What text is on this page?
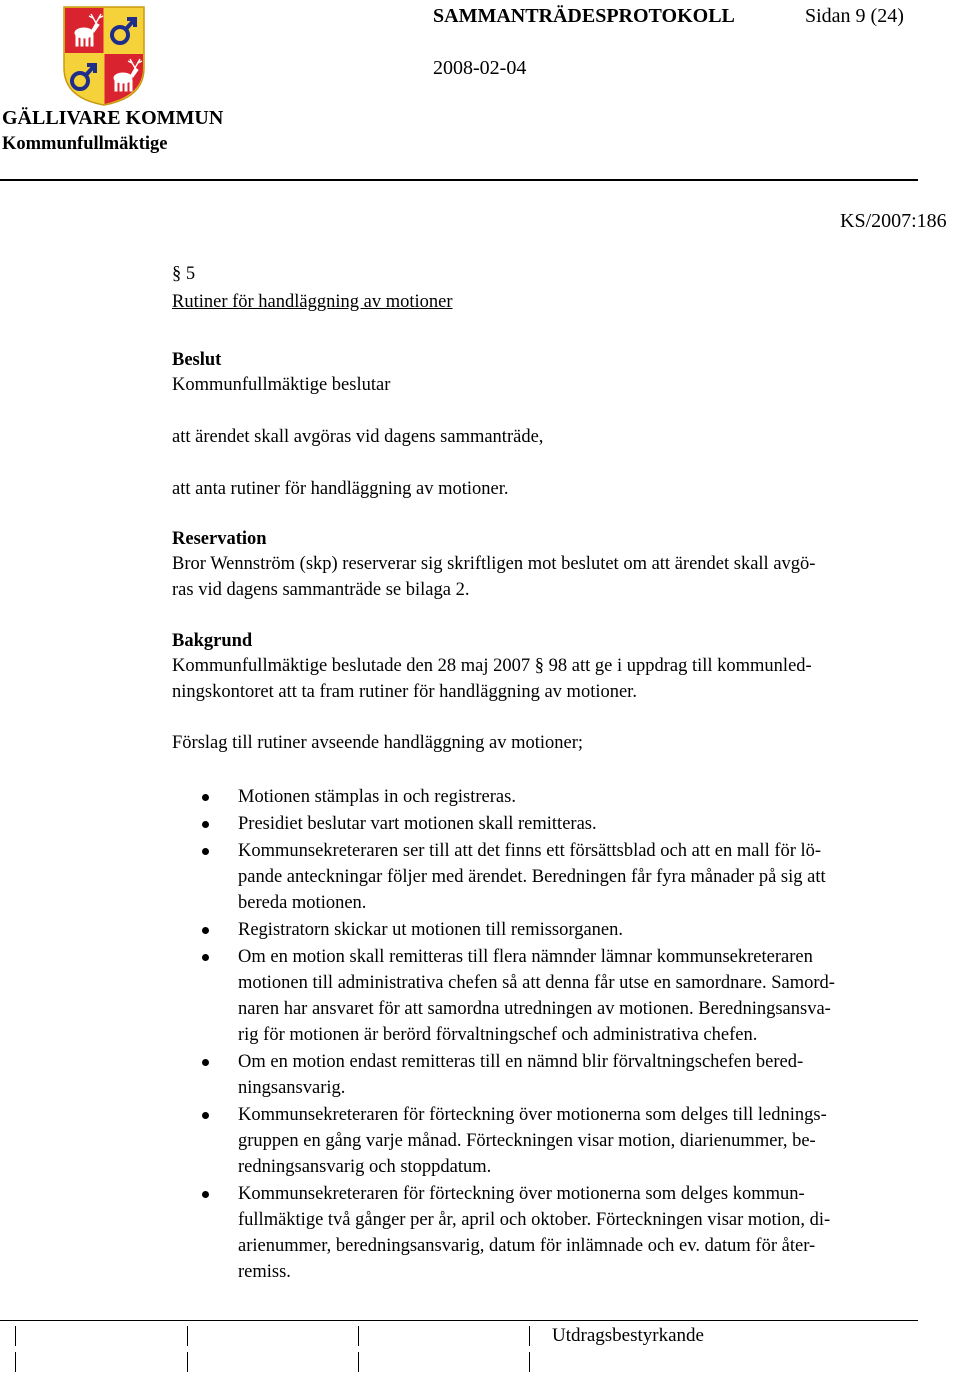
SAMMANTRÄDESPROTOKOLL	Sidan 9 (24)
2008-02-04
GÄLLIVARE KOMMUN
Kommunfullmäktige
KS/2007:186
§ 5
Rutiner för handläggning av motioner
Beslut
Kommunfullmäktige beslutar
att ärendet skall avgöras vid dagens sammanträde,
att anta rutiner för handläggning av motioner.
Reservation
Bror Wennström (skp) reserverar sig skriftligen mot beslutet om att ärendet skall avgö-
ras vid dagens sammanträde se bilaga 2.
Bakgrund
Kommunfullmäktige beslutade den 28 maj 2007 § 98 att ge i uppdrag till kommunled-
ningskontoret att ta fram rutiner för handläggning av motioner.
Förslag till rutiner avseende handläggning av motioner;
Motionen stämplas in och registreras.
Presidiet beslutar vart motionen skall remitteras.
Kommunsekreteraren ser till att det finns ett försättsblad och att en mall för lö-
pande anteckningar följer med ärendet. Beredningen får fyra månader på sig att
bereda motionen.
Registratorn skickar ut motionen till remissorganen.
Om en motion skall remitteras till flera nämnder lämnar kommunsekreteraren
motionen till administrativa chefen så att denna får utse en samordnare. Samord-
naren har ansvaret för att samordna utredningen av motionen. Beredningsansva-
rig för motionen är berörd förvaltningschef och administrativa chefen.
Om en motion endast remitteras till en nämnd blir förvaltningschefen bered-
ningsansvarig.
Kommunsekreteraren för förteckning över motionerna som delges till lednings-
gruppen en gång varje månad. Förteckningen visar motion, diarienummer, be-
redningsansvarig och stoppdatum.
Kommunsekreteraren för förteckning över motionerna som delges kommun-
fullmäktige två gånger per år, april och oktober. Förteckningen visar motion, di-
arienummer, beredningsansvarig, datum för inlämnade och ev. datum för åter-
remiss.
Utdragsbestyrkande
